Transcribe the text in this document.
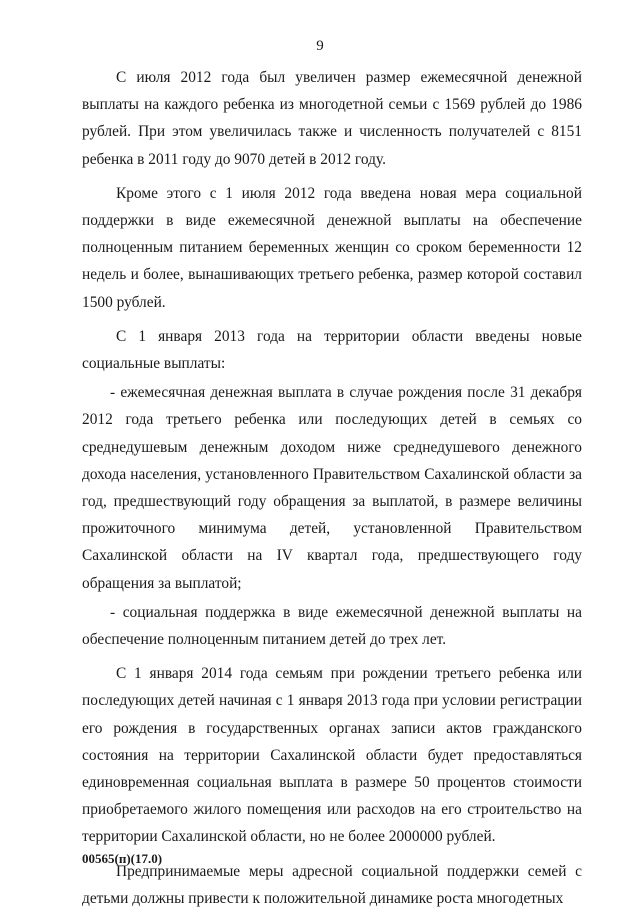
9

С июля 2012 года был увеличен размер ежемесячной денежной выплаты на каждого ребенка из многодетной семьи с 1569 рублей до 1986 рублей. При этом увеличилась также и численность получателей с 8151 ребенка в 2011 году до 9070 детей в 2012 году.

Кроме этого с 1 июля 2012 года введена новая мера социальной поддержки в виде ежемесячной денежной выплаты на обеспечение полноценным питанием беременных женщин со сроком беременности 12 недель и более, вынашивающих третьего ребенка, размер которой составил 1500 рублей.

С 1 января 2013 года на территории области введены новые социальные выплаты:

- ежемесячная денежная выплата в случае рождения после 31 декабря 2012 года третьего ребенка или последующих детей в семьях со среднедушевым денежным доходом ниже среднедушевого денежного дохода населения, установленного Правительством Сахалинской области за год, предшествующий году обращения за выплатой, в размере величины прожиточного минимума детей, установленной Правительством Сахалинской области на IV квартал года, предшествующего году обращения за выплатой;

- социальная поддержка в виде ежемесячной денежной выплаты на обеспечение полноценным питанием детей до трех лет.

С 1 января 2014 года семьям при рождении третьего ребенка или последующих детей начиная с 1 января 2013 года при условии регистрации его рождения в государственных органах записи актов гражданского состояния на территории Сахалинской области будет предоставляться единовременная социальная выплата в размере 50 процентов стоимости приобретаемого жилого помещения или расходов на его строительство на территории Сахалинской области, но не более 2000000 рублей.

Предпринимаемые меры адресной социальной поддержки семей с детьми должны привести к положительной динамике роста многодетных

00565(п)(17.0)
